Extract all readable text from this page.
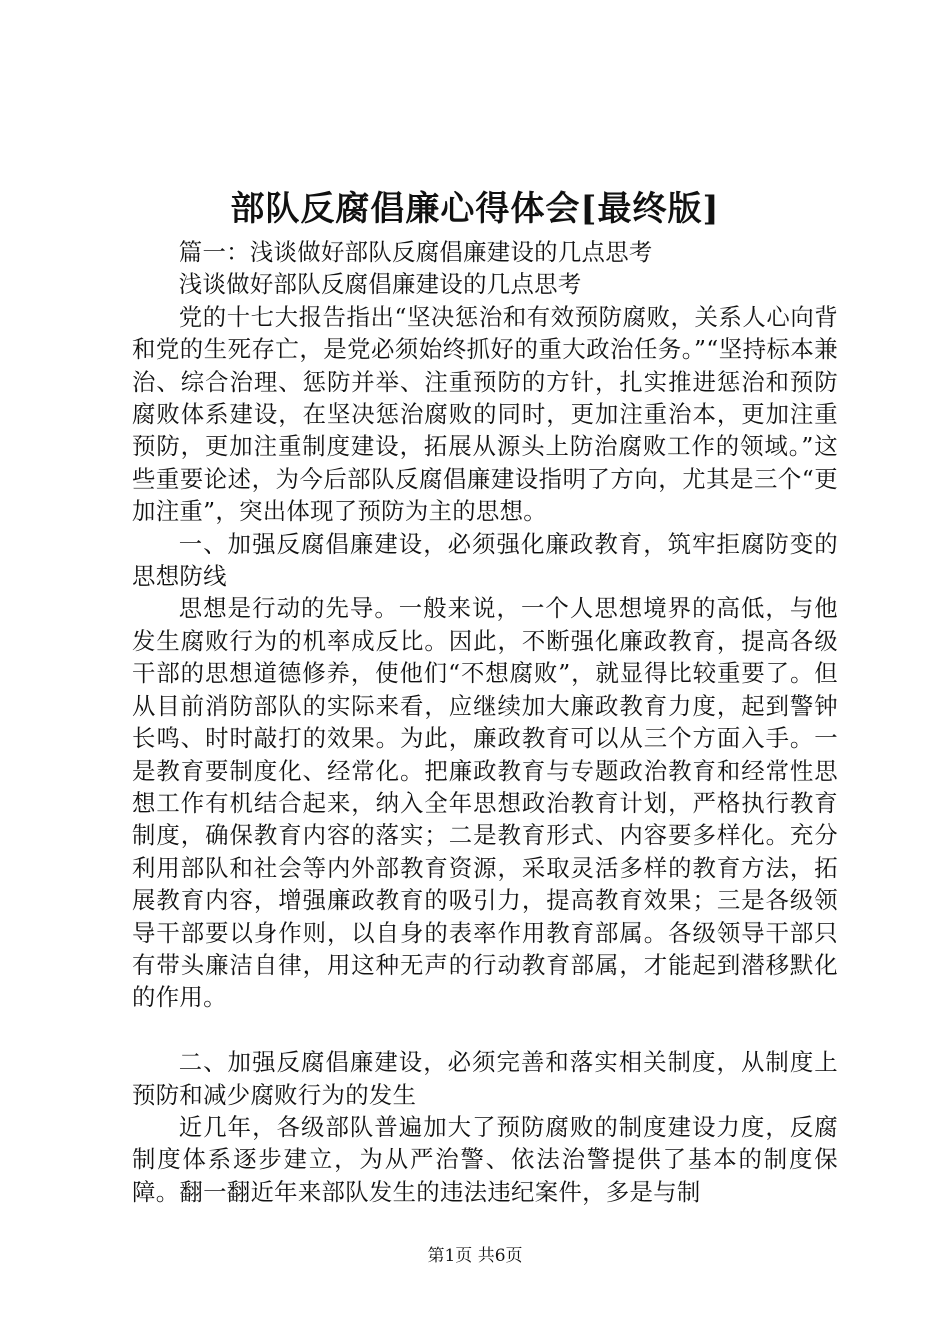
部队反腐倡廉心得体会[最终版]

篇一：浅谈做好部队反腐倡廉建设的几点思考

浅谈做好部队反腐倡廉建设的几点思考

党的十七大报告指出“坚决惩治和有效预防腐败，关系人心向背和党的生死存亡，是党必须始终抓好的重大政治任务。”“坚持标本兼治、综合治理、惩防并举、注重预防的方针，扎实推进惩治和预防腐败体系建设，在坚决惩治腐败的同时，更加注重治本，更加注重预防，更加注重制度建设，拓展从源头上防治腐败工作的领域。”这些重要论述，为今后部队反腐倡廉建设指明了方向，尤其是三个“更加注重”，突出体现了预防为主的思想。

一、加强反腐倡廉建设，必须强化廉政教育，筑牢拒腐防变的思想防线

思想是行动的先导。一般来说，一个人思想境界的高低，与他发生腐败行为的机率成反比。因此，不断强化廉政教育，提高各级干部的思想道德修养，使他们“不想腐败”，就显得比较重要了。但从目前消防部队的实际来看，应继续加大廉政教育力度，起到警钟长鸣、时时敲打的效果。为此，廉政教育可以从三个方面入手。一是教育要制度化、经常化。把廉政教育与专题政治教育和经常性思想工作有机结合起来，纳入全年思想政治教育计划，严格执行教育制度，确保教育内容的落实；二是教育形式、内容要多样化。充分利用部队和社会等内外部教育资源，采取灵活多样的教育方法，拓展教育内容，增强廉政教育的吸引力，提高教育效果；三是各级领导干部要以身作则，以自身的表率作用教育部属。各级领导干部只有带头廉洁自律，用这种无声的行动教育部属，才能起到潜移默化的作用。

二、加强反腐倡廉建设，必须完善和落实相关制度，从制度上预防和减少腐败行为的发生

近几年，各级部队普遍加大了预防腐败的制度建设力度，反腐制度体系逐步建立，为从严治警、依法治警提供了基本的制度保障。翻一翻近年来部队发生的违法违纪案件，多是与制

第1页 共6页
